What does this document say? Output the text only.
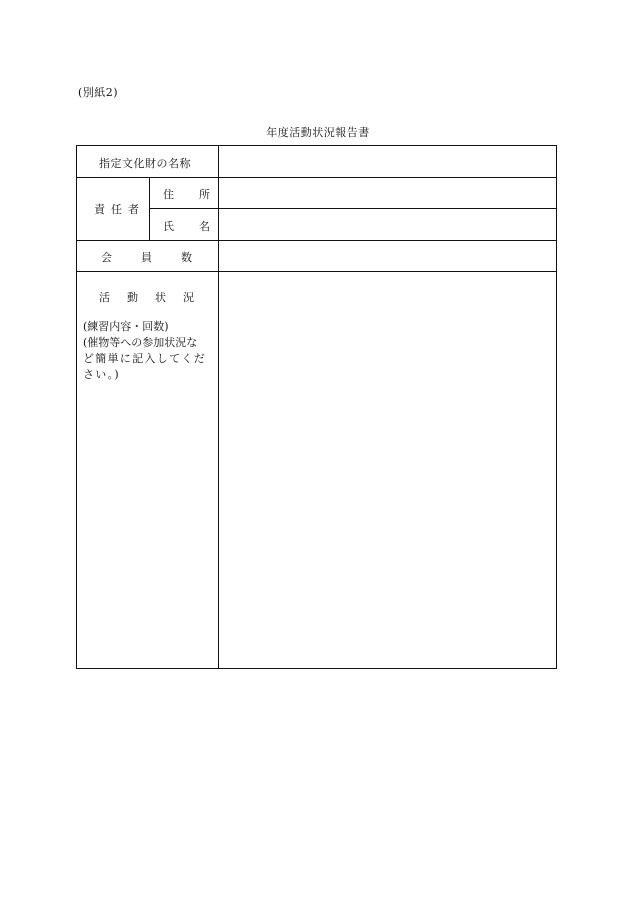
(別紙2)
年度活動状況報告書
指定文化財の名称
責 任 者
住 所
氏 名
会	員	数
活 動 状 況
(練習内容・回数)
(催物等への参加状況な
ど簡単に記入してくだ
さい。)
